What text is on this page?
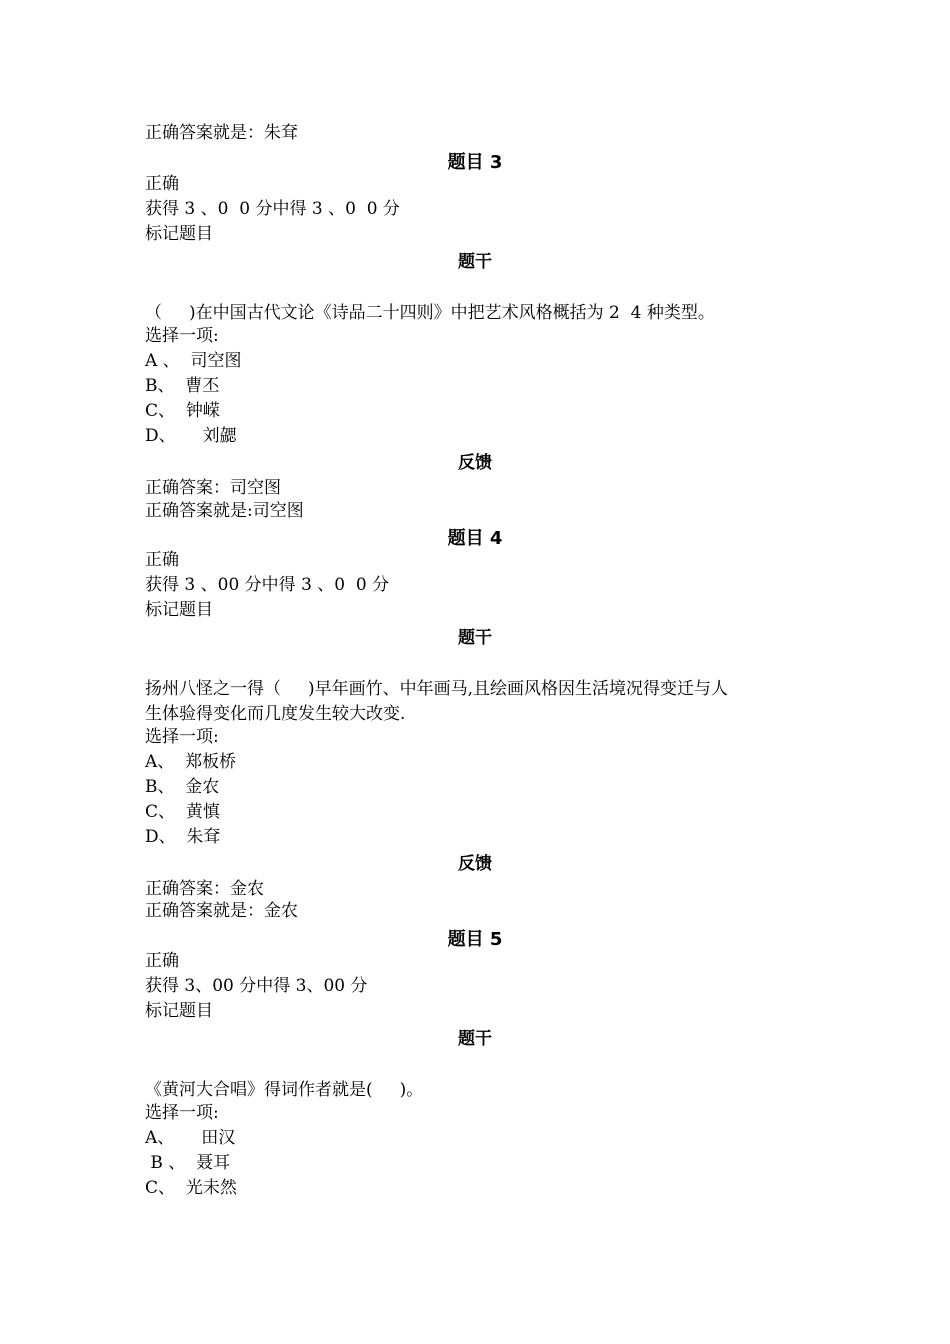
正确答案就是：朱耷
题目 3
正确
获得 3 、0  0 分中得 3 、0  0 分
标记题目
题干
（     )在中国古代文论《诗品二十四则》中把艺术风格概括为 2  4 种类型。
选择一项:
A 、  司空图
B、  曹丕
C、  钟嵘
D、     刘勰
反馈
正确答案：司空图
正确答案就是:司空图
题目 4
正确
获得 3 、00 分中得 3 、0  0 分
标记题目
题干
扬州八怪之一得（     )早年画竹、中年画马,且绘画风格因生活境况得变迁与人
生体验得变化而几度发生较大改变.
选择一项:
A、  郑板桥
B、  金农
C、  黄慎
D、  朱耷
反馈
正确答案：金农
正确答案就是：金农
题目 5
正确
获得 3、00 分中得 3、00 分
标记题目
题干
《黄河大合唱》得词作者就是(     )。
选择一项:
A、     田汉
B 、  聂耳
C、  光未然
